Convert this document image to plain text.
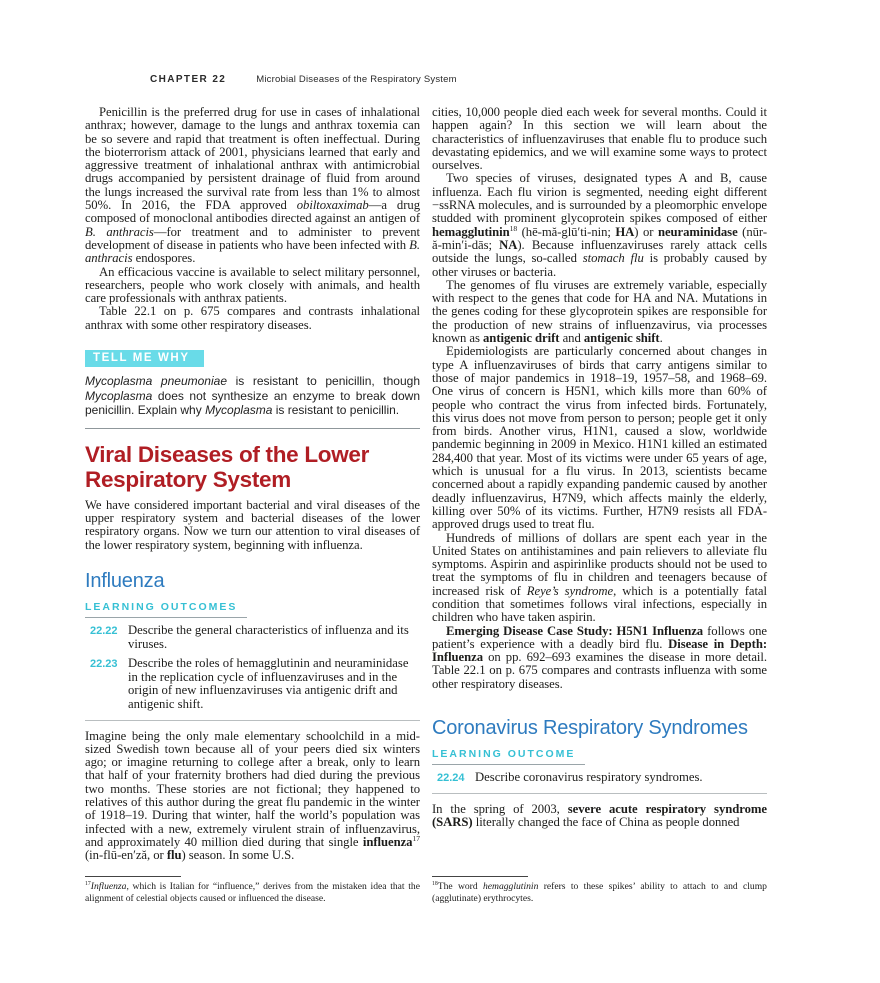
CHAPTER 22	Microbial Diseases of the Respiratory System

Penicillin is the preferred drug for use in cases of inhalational anthrax; however, damage to the lungs and anthrax toxemia can be so severe and rapid that treatment is often ineffectual. During the bioterrorism attack of 2001, physicians learned that early and aggressive treatment of inhalational anthrax with antimicrobial drugs accompanied by persistent drainage of fluid from around the lungs increased the survival rate from less than 1% to almost 50%. In 2016, the FDA approved obiltoxaximab—a drug composed of monoclonal antibodies directed against an antigen of B. anthracis—for treatment and to administer to prevent development of disease in patients who have been infected with B. anthracis endospores.

An efficacious vaccine is available to select military personnel, researchers, people who work closely with animals, and health care professionals with anthrax patients.

Table 22.1 on p. 675 compares and contrasts inhalational anthrax with some other respiratory diseases.

TELL ME WHY

Mycoplasma pneumoniae is resistant to penicillin, though Mycoplasma does not synthesize an enzyme to break down penicillin. Explain why Mycoplasma is resistant to penicillin.

Viral Diseases of the Lower Respiratory System

We have considered important bacterial and viral diseases of the upper respiratory system and bacterial diseases of the lower respiratory organs. Now we turn our attention to viral diseases of the lower respiratory system, beginning with influenza.

Influenza
LEARNING OUTCOMES
22.22 Describe the general characteristics of influenza and its viruses.
22.23 Describe the roles of hemagglutinin and neuraminidase in the replication cycle of influenzaviruses and in the origin of new influenzaviruses via antigenic drift and antigenic shift.

Imagine being the only male elementary schoolchild in a mid-sized Swedish town because all of your peers died six winters ago; or imagine returning to college after a break, only to learn that half of your fraternity brothers had died during the previous two months. These stories are not fictional; they happened to relatives of this author during the great flu pandemic in the winter of 1918–19. During that winter, half the world’s population was infected with a new, extremely virulent strain of influenzavirus, and approximately 40 million died during that single influenza$^{17}$ (in-flū-en′ză, or flu) season. In some U.S.

$^{17}$Influenza, which is Italian for “influence,” derives from the mistaken idea that the alignment of celestial objects caused or influenced the disease.

cities, 10,000 people died each week for several months. Could it happen again? In this section we will learn about the characteristics of influenzaviruses that enable flu to produce such devastating epidemics, and we will examine some ways to protect ourselves.

Two species of viruses, designated types A and B, cause influenza. Each flu virion is segmented, needing eight different −ssRNA molecules, and is surrounded by a pleomorphic envelope studded with prominent glycoprotein spikes composed of either hemagglutinin$^{18}$ (hē-mă-glū′ti-nin; HA) or neuraminidase (nūr-ă-min′i-dās; NA). Because influenzaviruses rarely attack cells outside the lungs, so-called stomach flu is probably caused by other viruses or bacteria.

The genomes of flu viruses are extremely variable, especially with respect to the genes that code for HA and NA. Mutations in the genes coding for these glycoprotein spikes are responsible for the production of new strains of influenzavirus, via processes known as antigenic drift and antigenic shift.

Epidemiologists are particularly concerned about changes in type A influenzaviruses of birds that carry antigens similar to those of major pandemics in 1918–19, 1957–58, and 1968–69. One virus of concern is H5N1, which kills more than 60% of people who contract the virus from infected birds. Fortunately, this virus does not move from person to person; people get it only from birds. Another virus, H1N1, caused a slow, worldwide pandemic beginning in 2009 in Mexico. H1N1 killed an estimated 284,400 that year. Most of its victims were under 65 years of age, which is unusual for a flu virus. In 2013, scientists became concerned about a rapidly expanding pandemic caused by another deadly influenzavirus, H7N9, which affects mainly the elderly, killing over 50% of its victims. Further, H7N9 resists all FDA-approved drugs used to treat flu.

Hundreds of millions of dollars are spent each year in the United States on antihistamines and pain relievers to alleviate flu symptoms. Aspirin and aspirinlike products should not be used to treat the symptoms of flu in children and teenagers because of increased risk of Reye’s syndrome, which is a potentially fatal condition that sometimes follows viral infections, especially in children who have taken aspirin.

Emerging Disease Case Study: H5N1 Influenza follows one patient’s experience with a deadly bird flu. Disease in Depth: Influenza on pp. 692–693 examines the disease in more detail. Table 22.1 on p. 675 compares and contrasts influenza with some other respiratory diseases.

Coronavirus Respiratory Syndromes
LEARNING OUTCOME
22.24 Describe coronavirus respiratory syndromes.

In the spring of 2003, severe acute respiratory syndrome (SARS) literally changed the face of China as people donned

$^{18}$The word hemagglutinin refers to these spikes’ ability to attach to and clump (agglutinate) erythrocytes.
